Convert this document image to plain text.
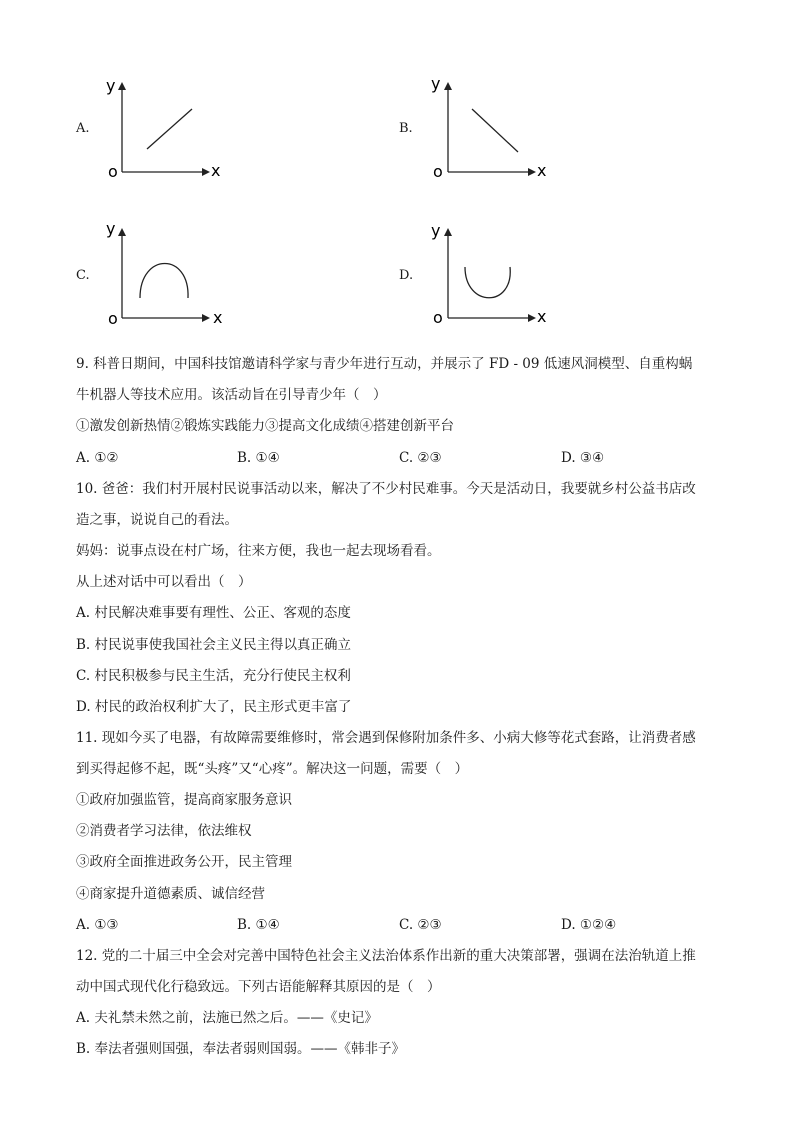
A.
y
x
o
B.
y
x
o
C.
y
x
o
D.
y
x
o
9. 科普日期间，中国科技馆邀请科学家与青少年进行互动，并展示了 FD - 09 低速风洞模型、自重构蜗
牛机器人等技术应用。该活动旨在引导青少年（　）
①激发创新热情②锻炼实践能力③提高文化成绩④搭建创新平台
A. ①②	B. ①④	C. ②③	D. ③④
10. 爸爸：我们村开展村民说事活动以来，解决了不少村民难事。今天是活动日，我要就乡村公益书店改
造之事，说说自己的看法。
妈妈：说事点设在村广场，往来方便，我也一起去现场看看。
从上述对话中可以看出（　）
A. 村民解决难事要有理性、公正、客观的态度
B. 村民说事使我国社会主义民主得以真正确立
C. 村民积极参与民主生活，充分行使民主权利
D. 村民的政治权利扩大了，民主形式更丰富了
11. 现如今买了电器，有故障需要维修时，常会遇到保修附加条件多、小病大修等花式套路，让消费者感
到买得起修不起，既“头疼”又“心疼”。解决这一问题，需要（　）
①政府加强监管，提高商家服务意识
②消费者学习法律，依法维权
③政府全面推进政务公开，民主管理
④商家提升道德素质、诚信经营
A. ①③	B. ①④	C. ②③	D. ①②④
12. 党的二十届三中全会对完善中国特色社会主义法治体系作出新的重大决策部署，强调在法治轨道上推
动中国式现代化行稳致远。下列古语能解释其原因的是（　）
A. 夫礼禁未然之前，法施已然之后。——《史记》
B. 奉法者强则国强，奉法者弱则国弱。——《韩非子》
